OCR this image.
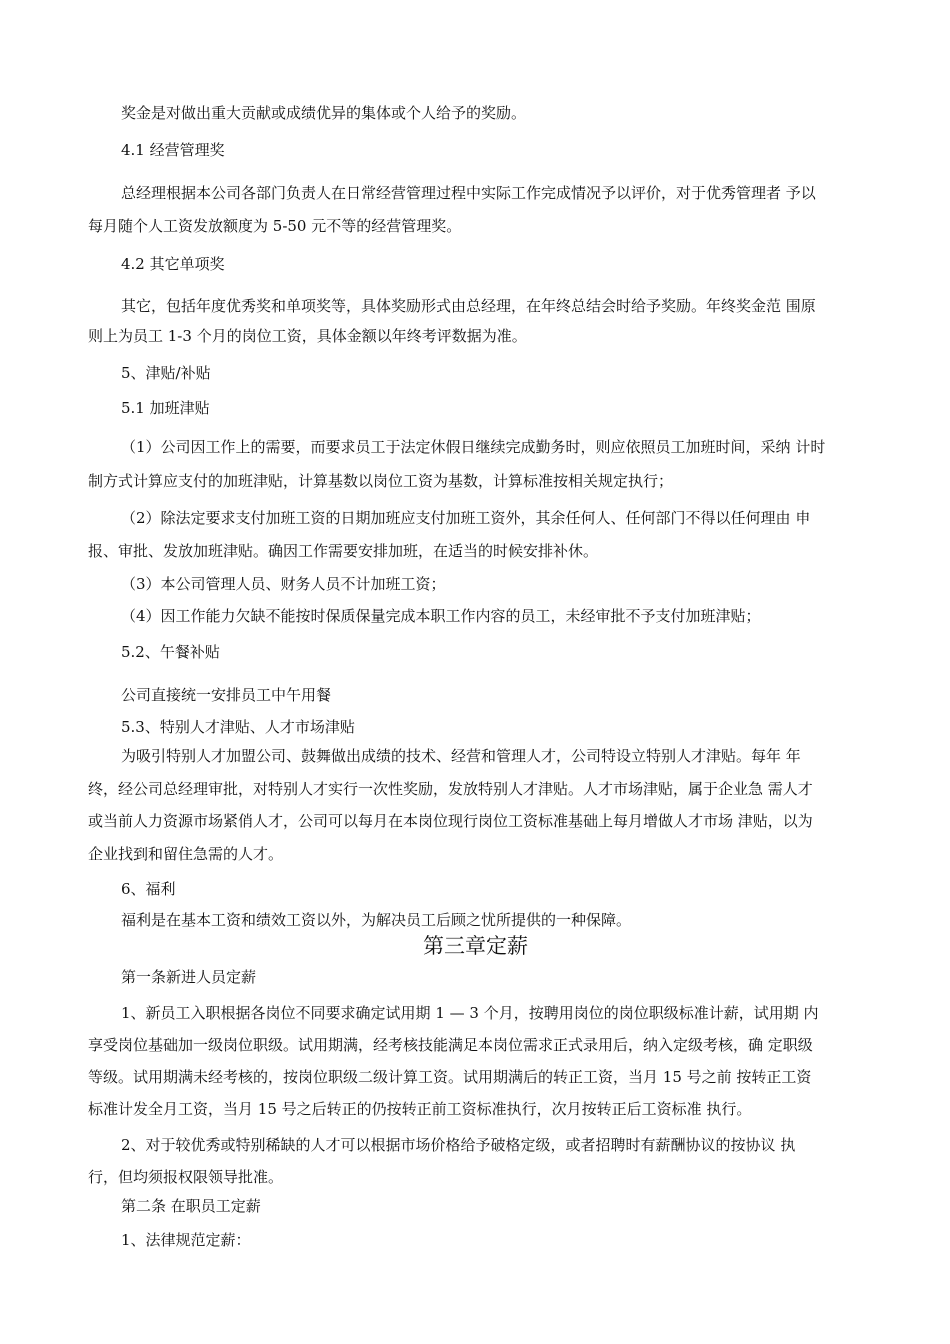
奖金是对做出重大贡献或成绩优异的集体或个人给予的奖励。
4.1 经营管理奖
总经理根据本公司各部门负责人在日常经营管理过程中实际工作完成情况予以评价，对于优秀管理者 予以
每月随个人工资发放额度为 5-50 元不等的经营管理奖。
4.2 其它单项奖
其它，包括年度优秀奖和单项奖等，具体奖励形式由总经理，在年终总结会时给予奖励。年终奖金范 围原
则上为员工 1-3 个月的岗位工资，具体金额以年终考评数据为准。
5、津贴/补贴
5.1 加班津贴
（1）公司因工作上的需要，而要求员工于法定休假日继续完成勤务时，则应依照员工加班时间，采纳 计时
制方式计算应支付的加班津贴，计算基数以岗位工资为基数，计算标准按相关规定执行；
（2）除法定要求支付加班工资的日期加班应支付加班工资外，其余任何人、任何部门不得以任何理由 申
报、审批、发放加班津贴。确因工作需要安排加班，在适当的时候安排补休。
（3）本公司管理人员、财务人员不计加班工资；
（4）因工作能力欠缺不能按时保质保量完成本职工作内容的员工，未经审批不予支付加班津贴；
5.2、午餐补贴
公司直接统一安排员工中午用餐
5.3、特别人才津贴、人才市场津贴
为吸引特别人才加盟公司、鼓舞做出成绩的技术、经营和管理人才，公司特设立特别人才津贴。每年 年
终，经公司总经理审批，对特别人才实行一次性奖励，发放特别人才津贴。人才市场津贴，属于企业急 需人才
或当前人力资源市场紧俏人才，公司可以每月在本岗位现行岗位工资标准基础上每月增做人才市场 津贴，以为
企业找到和留住急需的人才。
6、福利
福利是在基本工资和绩效工资以外，为解决员工后顾之忧所提供的一种保障。
第三章定薪
第一条新进人员定薪
1、新员工入职根据各岗位不同要求确定试用期 1 — 3 个月，按聘用岗位的岗位职级标准计薪，试用期 内
享受岗位基础加一级岗位职级。试用期满，经考核技能满足本岗位需求正式录用后，纳入定级考核，确 定职级
等级。试用期满未经考核的，按岗位职级二级计算工资。试用期满后的转正工资，当月 15 号之前 按转正工资
标准计发全月工资，当月 15 号之后转正的仍按转正前工资标准执行，次月按转正后工资标准 执行。
2、对于较优秀或特别稀缺的人才可以根据市场价格给予破格定级，或者招聘时有薪酬协议的按协议 执
行，但均须报权限领导批准。
第二条 在职员工定薪
1、法律规范定薪：
